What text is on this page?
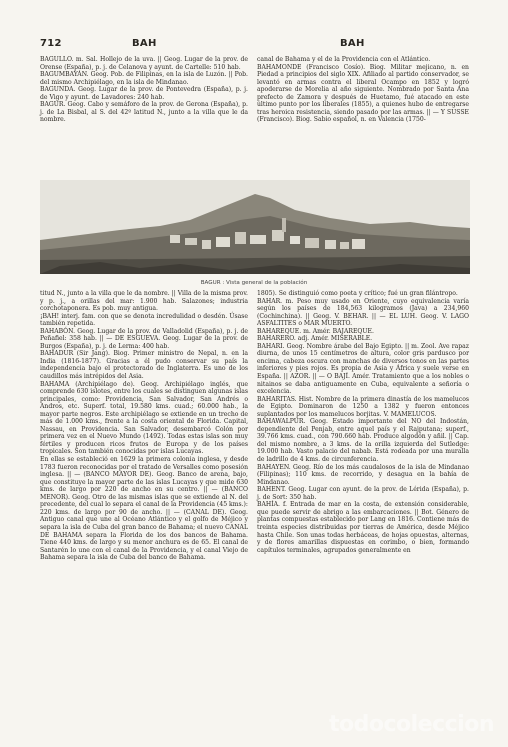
712	BAH	BAH

BAGULLO. m. Sal. Hollejo de la uva. || Geog. Lugar de la prov. de Orense (España), p. j. de Celanova y ayunt. de Cartelle: 510 hab.

BAGUMBAYÁN. Geog. Pob. de Filipinas, en la isla de Luzón. || Pob. del mismo Archipiélago, en la isla de Mindanao.

BAGUNDA. Geog. Lugar de la prov. de Pontevedra (España), p. j. de Vigo y ayunt. de Lavadores: 240 hab.

BAGUR. Geog. Cabo y semáforo de la prov. de Gerona (España), p. j. de La Bisbal, al S. del 42º latitud N., junto a la villa que le da nombre.

canal de Bahama y el de la Providencia con el Atlántico.

BAHAMONDE (Francisco Cosío). Biog. Militar mejicano, n. en Piedad a principios del siglo XIX. Afiliado al partido conservador, se levantó en armas contra el liberal Ocampo en 1852 y logró apoderarse de Morelia al año siguiente. Nombrado por Santa Ana prefecto de Zamora y después de Huetamo, fué atacado en este último punto por los liberales (1855), a quienes hubo de entregarse tras heroica resistencia, siendo pasado por las armas. || — Y SUSSE (Francisco). Biog. Sabio español, n. en Valencia (1750-

BAGUR : Vista general de la población

titud N., junto a la villa que le da nombre. || Villa de la misma prov. y p. j., a orillas del mar: 1.900 hab. Salazones; industria corchotaponera. Es pob. muy antigua.

¡BAH! interj. fam. con que se denota incredulidad o desdén. Úsase también repetida.

BAHABÓN. Geog. Lugar de la prov. de Valladolid (España), p. j. de Peñafiel: 358 hab. || — DE ESGUEVA. Geog. Lugar de la prov. de Burgos (España), p. j. de Lerma: 400 hab.

BAHADUR (Sir Jang). Biog. Primer ministro de Nepal, n. en la India (1816-1877). Gracias a él pudo conservar su país la independencia bajo el protectorado de Inglaterra. Es uno de los caudillos más intrépidos del Asia.

BAHAMA (Archipiélago de). Geog. Archipiélago inglés, que comprende 630 islotes, entre los cuales se distinguen algunas islas principales, como: Providencia, San Salvador, San Andrés o Andros, etc. Superf. total, 19.580 kms. cuad.; 60.000 hab., la mayor parte negros. Este archipiélago se extiende en un trecho de más de 1.000 kms., frente a la costa oriental de Florida. Capital, Nassau, en Providencia. San Salvador, desembarcó Colón por primera vez en el Nuevo Mundo (1492). Todas estas islas son muy fértiles y producen ricos frutos de Europa y de los países tropicales. Son también conocidas por islas Lucayas.

En ellas se estableció en 1629 la primera colonia inglesa, y desde 1783 fueron reconocidas por el tratado de Versalles como posesión inglesa. || — (BANCO MAYOR DE). Geog. Banco de arena, bajo, que constituye la mayor parte de las islas Lucayas y que mide 630 kms. de largo por 220 de ancho en su centro. || — (BANCO MENOR). Geog. Otro de las mismas islas que se extiende al N. del precedente, del cual lo separa el canal de la Providencia (45 kms.): 220 kms. de largo por 90 de ancho. || — (CANAL DE). Geog. Antiguo canal que une al Océano Atlántico y el golfo de Méjico y separa la isla de Cuba del gran banco de Bahama; el nuevo CANAL DE BAHAMA separa la Florida de los dos bancos de Bahama. Tiene 440 kms. de largo y su menor anchura es de 65. El canal de Santarén lo une con el canal de la Providencia, y el canal Viejo de Bahama separa la isla de Cuba del banco de Bahama.

1805). Se distinguió como poeta y crítico; fué un gran filántropo.

BAHAR. m. Peso muy usado en Oriente, cuyo equivalencia varía según los países de 184,563 kilogramos (Java) a 234,960 (Cochinchina). || Geog. V. BEHAR. || — EL LUH. Geog. V. LAGO ASFALTITES o MAR MUERTO.

BAHAREQUE. m. Amér. BAJAREQUE.

BAHARERO. adj. Amér. MISERABLE.

BAHARI. Geog. Nombre árabe del Bajo Egipto. || m. Zool. Ave rapaz diurna, de unos 15 centímetros de altura, color gris pardusco por encima, cabeza oscura con manchas de diversos tonos en las partes inferiores y pies rojos. Es propia de Asia y África y suele verse en España. || AZOR. || — O BAJÍ. Amér. Tratamiento que a los nobles o nitainos se daba antiguamente en Cuba, equivalente a señoría o excelencia.

BAHARITAS. Hist. Nombre de la primera dinastía de los mamelucos de Egipto. Dominaron de 1250 a 1382 y fueron entonces suplantados por los mamelucos borjitas. V. MAMELUCOS.

BAHAWALPUR. Geog. Estado importante del NO del Indostán, dependiente del Penjab, entre aquel país y el Rajputana; superf., 39.766 kms. cuad., con 790.660 hab. Produce algodón y añil. || Cap. del mismo nombre, a 3 kms. de la orilla izquierda del Sutledge: 19.000 hab. Vasto palacio del nabab. Está rodeada por una muralla de ladrillo de 4 kms. de circunferencia.

BAHAYEN. Geog. Río de los más caudalosos de la isla de Mindanao (Filipinas); 110 kms. de recorrido, y desagua en la bahía de Mindanao.

BAHENT. Geog. Lugar con ayunt. de la prov. de Lérida (España), p. j. de Sort: 350 hab.

BAHÍA. f. Entrada de mar en la costa, de extensión considerable, que puede servir de abrigo a las embarcaciones. || Bot. Género de plantas compuestas establecido por Lang en 1816. Contiene más de treinta especies distribuidas por tierras de América, desde Méjico hasta Chile. Son unas todas herbáceas, de hojas opuestas, alternas, y de flores amarillas dispuestas en corimbo, o bien, formando capítulos terminales, agrupados generalmente en

todocoleccion
